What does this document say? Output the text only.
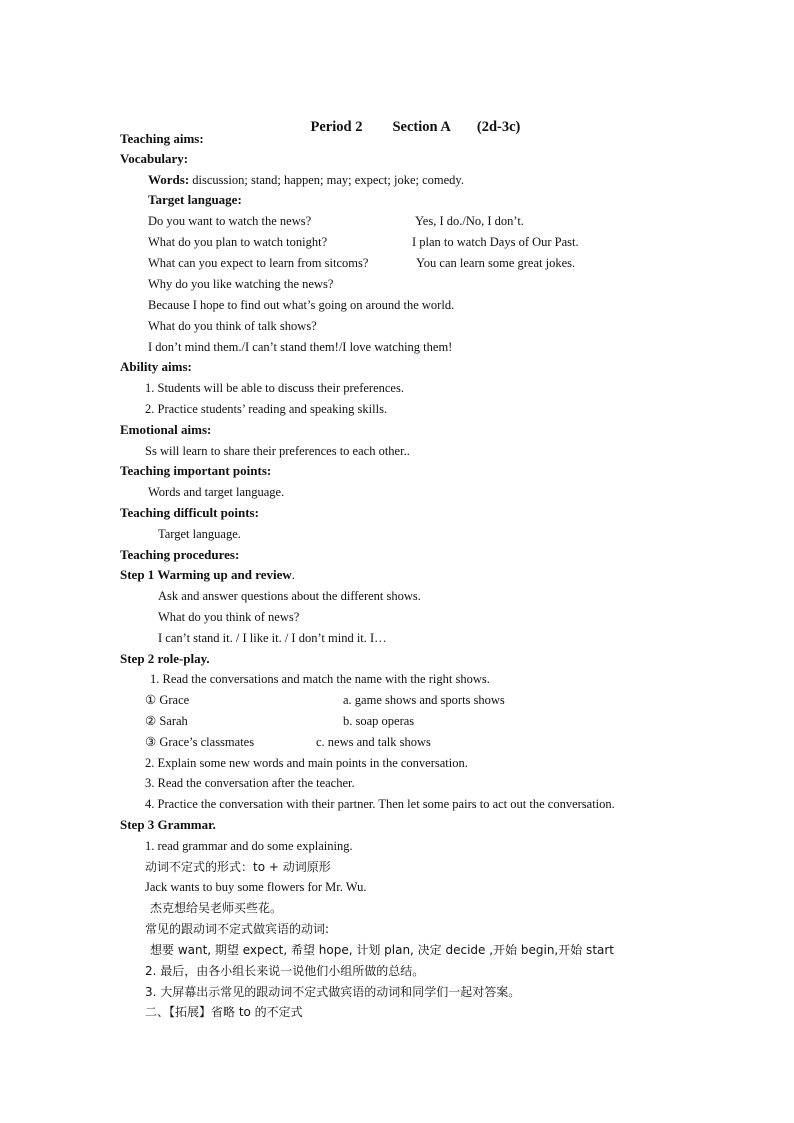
Period 2 Section A (2d-3c)

Teaching aims:
Vocabulary:
Words: discussion; stand; happen; may; expect; joke; comedy.
Target language:
Do you want to watch the news?	Yes, I do./No, I don’t.
What do you plan to watch tonight?	I plan to watch Days of Our Past.
What can you expect to learn from sitcoms?	You can learn some great jokes.
Why do you like watching the news?
Because I hope to find out what’s going on around the world.
What do you think of talk shows?
I don’t mind them./I can’t stand them!/I love watching them!
Ability aims:
1. Students will be able to discuss their preferences.
2. Practice students’ reading and speaking skills.
Emotional aims:
Ss will learn to share their preferences to each other..
Teaching important points:
Words and target language.
Teaching difficult points:
Target language.
Teaching procedures:
Step 1 Warming up and review.
Ask and answer questions about the different shows.
What do you think of news?
I can’t stand it. / I like it. / I don’t mind it. I…
Step 2 role-play.
1. Read the conversations and match the name with the right shows.
① Grace	a. game shows and sports shows
② Sarah	b. soap operas
③ Grace’s classmates	c. news and talk shows
2. Explain some new words and main points in the conversation.
3. Read the conversation after the teacher.
4. Practice the conversation with their partner. Then let some pairs to act out the conversation.
Step 3 Grammar.
1. read grammar and do some explaining.
动词不定式的形式：to + 动词原形
Jack wants to buy some flowers for Mr. Wu.
杰克想给吴老师买些花。
常见的跟动词不定式做宾语的动词:
想要 want, 期望 expect, 希望 hope, 计划 plan, 决定 decide ,开始 begin,开始 start
2. 最后，由各小组长来说一说他们小组所做的总结。
3. 大屏幕出示常见的跟动词不定式做宾语的动词和同学们一起对答案。
二、【拓展】省略 to 的不定式
